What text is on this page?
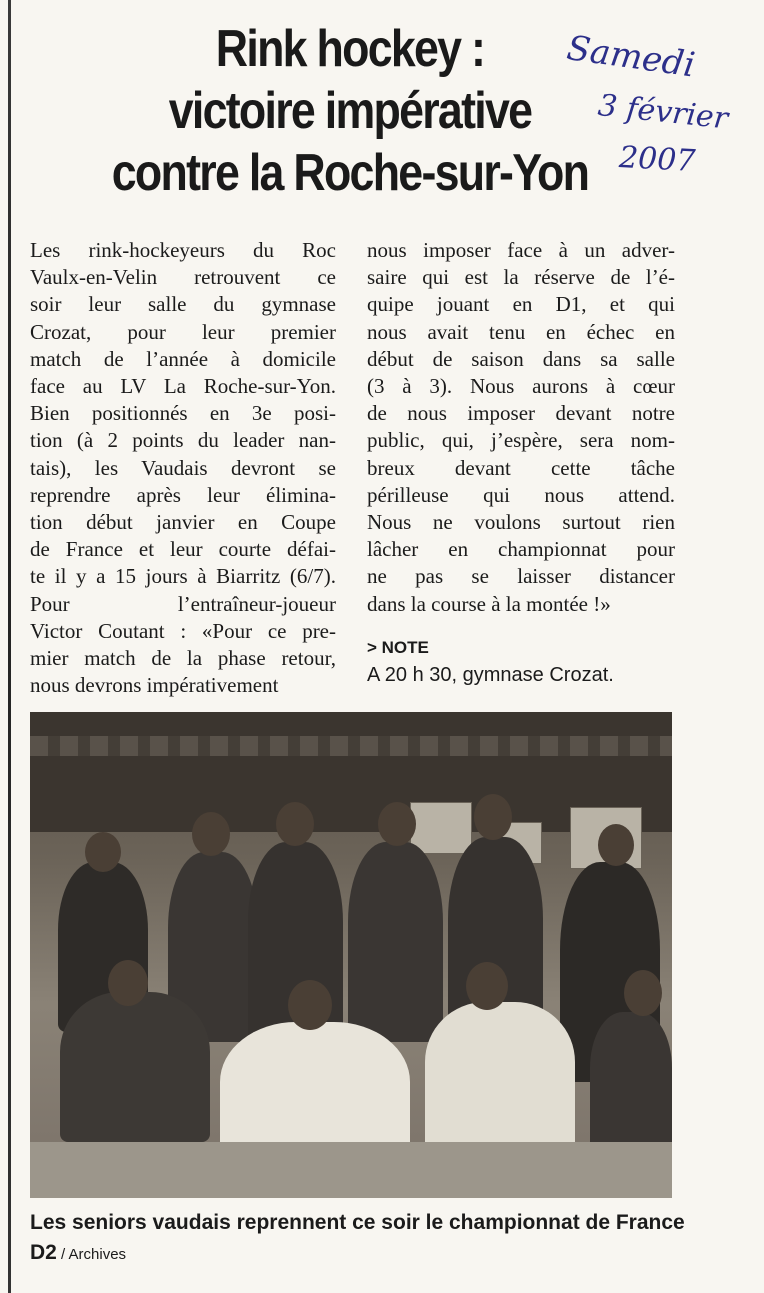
Rink hockey :
victoire impérative
contre la Roche-sur-Yon
Samedi
3 février
2007
Les rink-hockeyeurs du Roc
Vaulx-en-Velin retrouvent ce
soir leur salle du gymnase
Crozat, pour leur premier
match de l’année à domicile
face au LV La Roche-sur-Yon.
Bien positionnés en 3e posi-
tion (à 2 points du leader nan-
tais), les Vaudais devront se
reprendre après leur élimina-
tion début janvier en Coupe
de France et leur courte défai-
te il y a 15 jours à Biarritz (6/7).
Pour l’entraîneur-joueur
Victor Coutant : «Pour ce pre-
mier match de la phase retour,
nous devrons impérativement
nous imposer face à un adver-
saire qui est la réserve de l’é-
quipe jouant en D1, et qui
nous avait tenu en échec en
début de saison dans sa salle
(3 à 3). Nous aurons à cœur
de nous imposer devant notre
public, qui, j’espère, sera nom-
breux devant cette tâche
périlleuse qui nous attend.
Nous ne voulons surtout rien
lâcher en championnat pour
ne pas se laisser distancer
dans la course à la montée !»
> NOTE
A 20 h 30, gymnase Crozat.
Les seniors vaudais reprennent ce soir le championnat de France D2 / Archives
